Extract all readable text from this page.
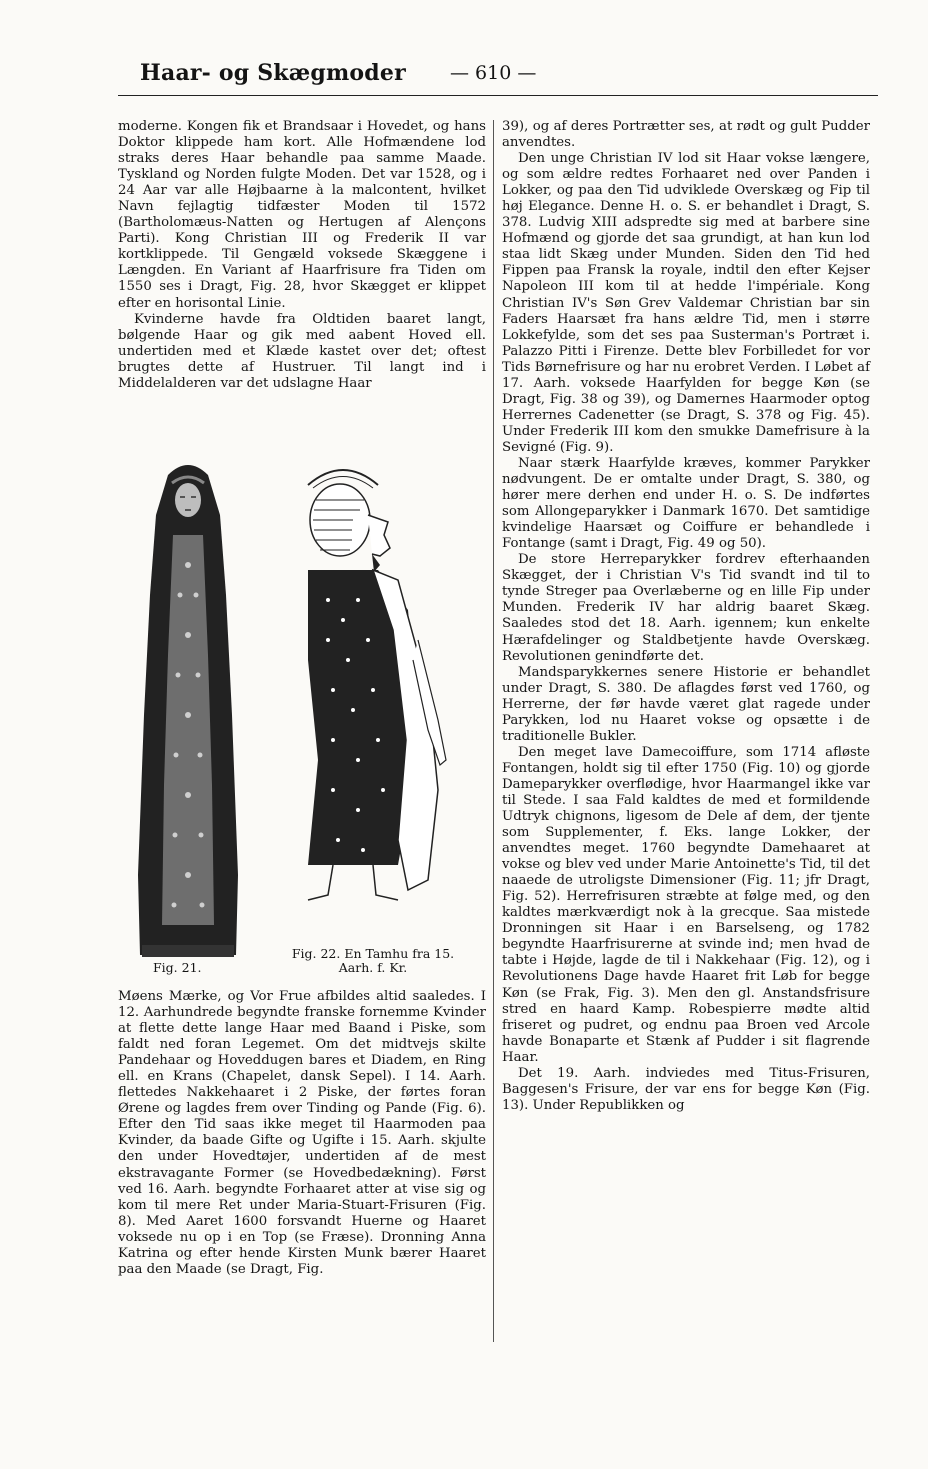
Haar- og Skægmoder — 610 —

moderne. Kongen fik et Brandsaar i Hovedet, og hans Doktor klippede ham kort. Alle Hofmændene lod straks deres Haar behandle paa samme Maade. Tyskland og Norden fulgte Moden. Det var 1528, og i 24 Aar var alle Højbaarne à la malcontent, hvilket Navn fejlagtig tidfæster Moden til 1572 (Bartholomæus-Natten og Hertugen af Alençons Parti). Kong Christian III og Frederik II var kortklippede. Til Gengæld voksede Skæggene i Længden. En Variant af Haarfrisure fra Tiden om 1550 ses i Dragt, Fig. 28, hvor Skægget er klippet efter en horisontal Linie.

Kvinderne havde fra Oldtiden baaret langt, bølgende Haar og gik med aabent Hoved ell. undertiden med et Klæde kastet over det; oftest brugtes dette af Hustruer. Til langt ind i Middelalderen var det udslagne Haar

Fig. 21.
Fig. 22. En Tamhu fra 15. Aarh. f. Kr.

Møens Mærke, og Vor Frue afbildes altid saaledes. I 12. Aarhundrede begyndte franske fornemme Kvinder at flette dette lange Haar med Baand i Piske, som faldt ned foran Legemet. Om det midtvejs skilte Pandehaar og Hoveddugen bares et Diadem, en Ring ell. en Krans (Chapelet, dansk Sepel). I 14. Aarh. flettedes Nakkehaaret i 2 Piske, der førtes foran Ørene og lagdes frem over Tinding og Pande (Fig. 6). Efter den Tid saas ikke meget til Haarmoden paa Kvinder, da baade Gifte og Ugifte i 15. Aarh. skjulte den under Hovedtøjer, undertiden af de mest ekstravagante Former (se Hovedbedækning). Først ved 16. Aarh. begyndte Forhaaret atter at vise sig og kom til mere Ret under Maria-Stuart-Frisuren (Fig. 8). Med Aaret 1600 forsvandt Huerne og Haaret voksede nu op i en Top (se Fræse). Dronning Anna Katrina og efter hende Kirsten Munk bærer Haaret paa den Maade (se Dragt, Fig.

39), og af deres Portrætter ses, at rødt og gult Pudder anvendtes.

Den unge Christian IV lod sit Haar vokse længere, og som ældre redtes Forhaaret ned over Panden i Lokker, og paa den Tid udviklede Overskæg og Fip til høj Elegance. Denne H. o. S. er behandlet i Dragt, S. 378. Ludvig XIII adspredte sig med at barbere sine Hofmænd og gjorde det saa grundigt, at han kun lod staa lidt Skæg under Munden. Siden den Tid hed Fippen paa Fransk la royale, indtil den efter Kejser Napoleon III kom til at hedde l'impériale. Kong Christian IV's Søn Grev Valdemar Christian bar sin Faders Haarsæt fra hans ældre Tid, men i større Lokkefylde, som det ses paa Susterman's Portræt i. Palazzo Pitti i Firenze. Dette blev Forbilledet for vor Tids Børnefrisure og har nu erobret Verden. I Løbet af 17. Aarh. voksede Haarfylden for begge Køn (se Dragt, Fig. 38 og 39), og Damernes Haarmoder optog Herrernes Cadenetter (se Dragt, S. 378 og Fig. 45). Under Frederik III kom den smukke Damefrisure à la Sevigné (Fig. 9).

Naar stærk Haarfylde kræves, kommer Parykker nødvungent. De er omtalte under Dragt, S. 380, og hører mere derhen end under H. o. S. De indførtes som Allongeparykker i Danmark 1670. Det samtidige kvindelige Haarsæt og Coiffure er behandlede i Fontange (samt i Dragt, Fig. 49 og 50).

De store Herreparykker fordrev efterhaanden Skægget, der i Christian V's Tid svandt ind til to tynde Streger paa Overlæberne og en lille Fip under Munden. Frederik IV har aldrig baaret Skæg. Saaledes stod det 18. Aarh. igennem; kun enkelte Hærafdelinger og Staldbetjente havde Overskæg. Revolutionen genindførte det.

Mandsparykkernes senere Historie er behandlet under Dragt, S. 380. De aflagdes først ved 1760, og Herrerne, der før havde været glat ragede under Parykken, lod nu Haaret vokse og opsætte i de traditionelle Bukler.

Den meget lave Damecoiffure, som 1714 afløste Fontangen, holdt sig til efter 1750 (Fig. 10) og gjorde Dameparykker overflødige, hvor Haarmangel ikke var til Stede. I saa Fald kaldtes de med et formildende Udtryk chignons, ligesom de Dele af dem, der tjente som Supplementer, f. Eks. lange Lokker, der anvendtes meget. 1760 begyndte Damehaaret at vokse og blev ved under Marie Antoinette's Tid, til det naaede de utroligste Dimensioner (Fig. 11; jfr Dragt, Fig. 52). Herrefrisuren stræbte at følge med, og den kaldtes mærkværdigt nok à la grecque. Saa mistede Dronningen sit Haar i en Barselseng, og 1782 begyndte Haarfrisurerne at svinde ind; men hvad de tabte i Højde, lagde de til i Nakkehaar (Fig. 12), og i Revolutionens Dage havde Haaret frit Løb for begge Køn (se Frak, Fig. 3). Men den gl. Anstandsfrisure stred en haard Kamp. Robespierre mødte altid friseret og pudret, og endnu paa Broen ved Arcole havde Bonaparte et Stænk af Pudder i sit flagrende Haar.

Det 19. Aarh. indviedes med Titus-Frisuren, Baggesen's Frisure, der var ens for begge Køn (Fig. 13). Under Republikken og
